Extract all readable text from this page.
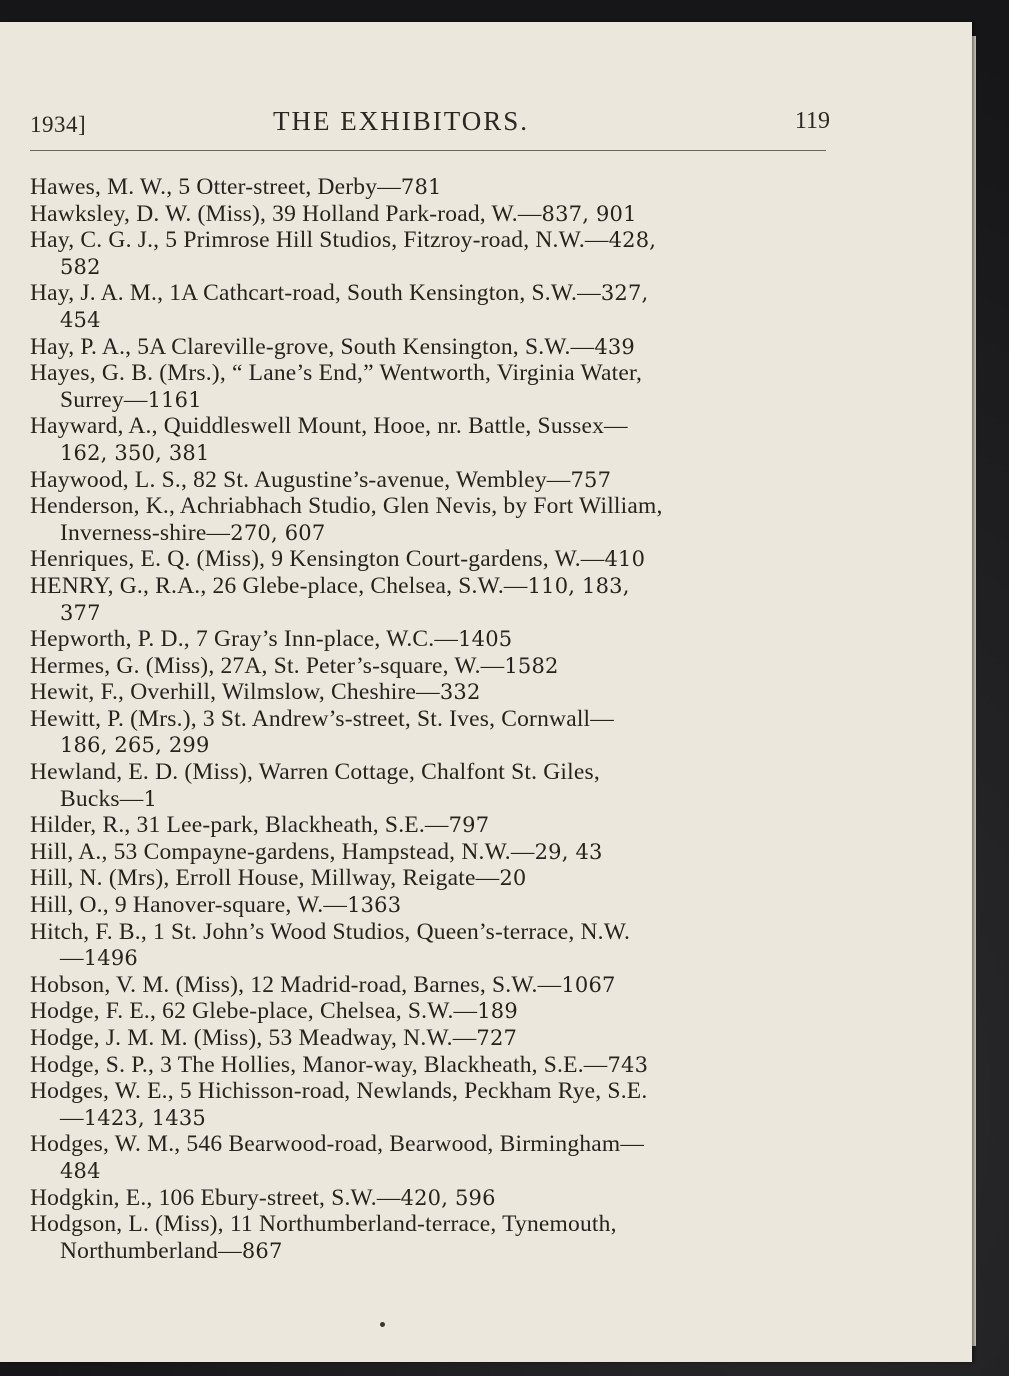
1934]	THE EXHIBITORS.	119
Hawes, M. W., 5 Otter-street, Derby—781
Hawksley, D. W. (Miss), 39 Holland Park-road, W.—837, 901
Hay, C. G. J., 5 Primrose Hill Studios, Fitzroy-road, N.W.—428,
582
Hay, J. A. M., 1A Cathcart-road, South Kensington, S.W.—327,
454
Hay, P. A., 5A Clareville-grove, South Kensington, S.W.—439
Hayes, G. B. (Mrs.), “ Lane’s End,” Wentworth, Virginia Water,
Surrey—1161
Hayward, A., Quiddleswell Mount, Hooe, nr. Battle, Sussex—
162, 350, 381
Haywood, L. S., 82 St. Augustine’s-avenue, Wembley—757
Henderson, K., Achriabhach Studio, Glen Nevis, by Fort William,
Inverness-shire—270, 607
Henriques, E. Q. (Miss), 9 Kensington Court-gardens, W.—410
HENRY, G., R.A., 26 Glebe-place, Chelsea, S.W.—110, 183,
377
Hepworth, P. D., 7 Gray’s Inn-place, W.C.—1405
Hermes, G. (Miss), 27A, St. Peter’s-square, W.—1582
Hewit, F., Overhill, Wilmslow, Cheshire—332
Hewitt, P. (Mrs.), 3 St. Andrew’s-street, St. Ives, Cornwall—
186, 265, 299
Hewland, E. D. (Miss), Warren Cottage, Chalfont St. Giles,
Bucks—1
Hilder, R., 31 Lee-park, Blackheath, S.E.—797
Hill, A., 53 Compayne-gardens, Hampstead, N.W.—29, 43
Hill, N. (Mrs), Erroll House, Millway, Reigate—20
Hill, O., 9 Hanover-square, W.—1363
Hitch, F. B., 1 St. John’s Wood Studios, Queen’s-terrace, N.W.
—1496
Hobson, V. M. (Miss), 12 Madrid-road, Barnes, S.W.—1067
Hodge, F. E., 62 Glebe-place, Chelsea, S.W.—189
Hodge, J. M. M. (Miss), 53 Meadway, N.W.—727
Hodge, S. P., 3 The Hollies, Manor-way, Blackheath, S.E.—743
Hodges, W. E., 5 Hichisson-road, Newlands, Peckham Rye, S.E.
—1423, 1435
Hodges, W. M., 546 Bearwood-road, Bearwood, Birmingham—
484
Hodgkin, E., 106 Ebury-street, S.W.—420, 596
Hodgson, L. (Miss), 11 Northumberland-terrace, Tynemouth,
Northumberland—867
